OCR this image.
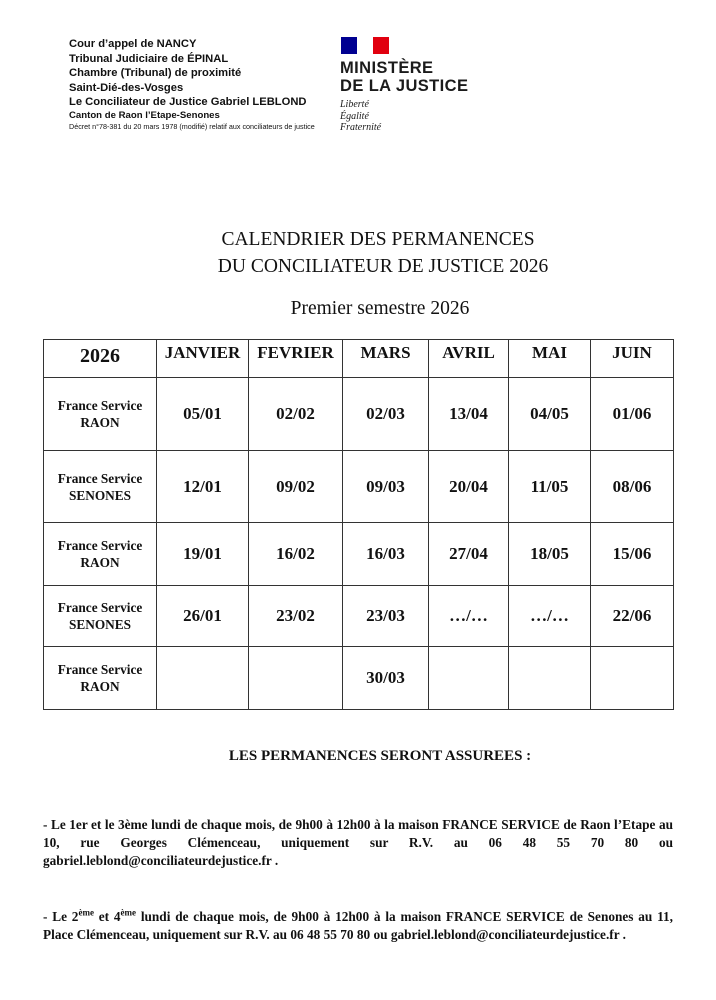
Cour d’appel de NANCY
Tribunal Judiciaire de ÉPINAL
Chambre (Tribunal) de proximité
Saint-Dié-des-Vosges
Le Conciliateur de Justice Gabriel LEBLOND
Canton de Raon l’Etape-Senones
Décret n°78-381 du 20 mars 1978 (modifié) relatif aux conciliateurs de justice
MINISTÈRE
DE LA JUSTICE
Liberté
Égalité
Fraternité
CALENDRIER DES PERMANENCES
DU CONCILIATEUR DE JUSTICE 2026
Premier semestre 2026
2026	JANVIER	FEVRIER	MARS	AVRIL	MAI	JUIN

France Service
RAON	05/01	02/02	02/03	13/04	04/05	01/06

France Service
SENONES	12/01	09/02	09/03	20/04	11/05	08/06

France Service
RAON	19/01	16/02	16/03	27/04	18/05	15/06

France Service
SENONES	26/01	23/02	23/03	…/…	…/…	22/06

France Service
RAON			30/03			
LES PERMANENCES SERONT ASSUREES :
- Le 1er et le 3ème lundi de chaque mois, de 9h00 à 12h00 à la maison FRANCE SERVICE de Raon l’Etape au 10, rue Georges Clémenceau, uniquement sur R.V. au 06 48 55 70 80 ou gabriel.leblond@conciliateurdejustice.fr .
- Le 2ème et 4ème lundi de chaque mois, de 9h00 à 12h00 à la maison FRANCE SERVICE de Senones au 11, Place Clémenceau, uniquement sur R.V. au 06 48 55 70 80 ou gabriel.leblond@conciliateurdejustice.fr .
